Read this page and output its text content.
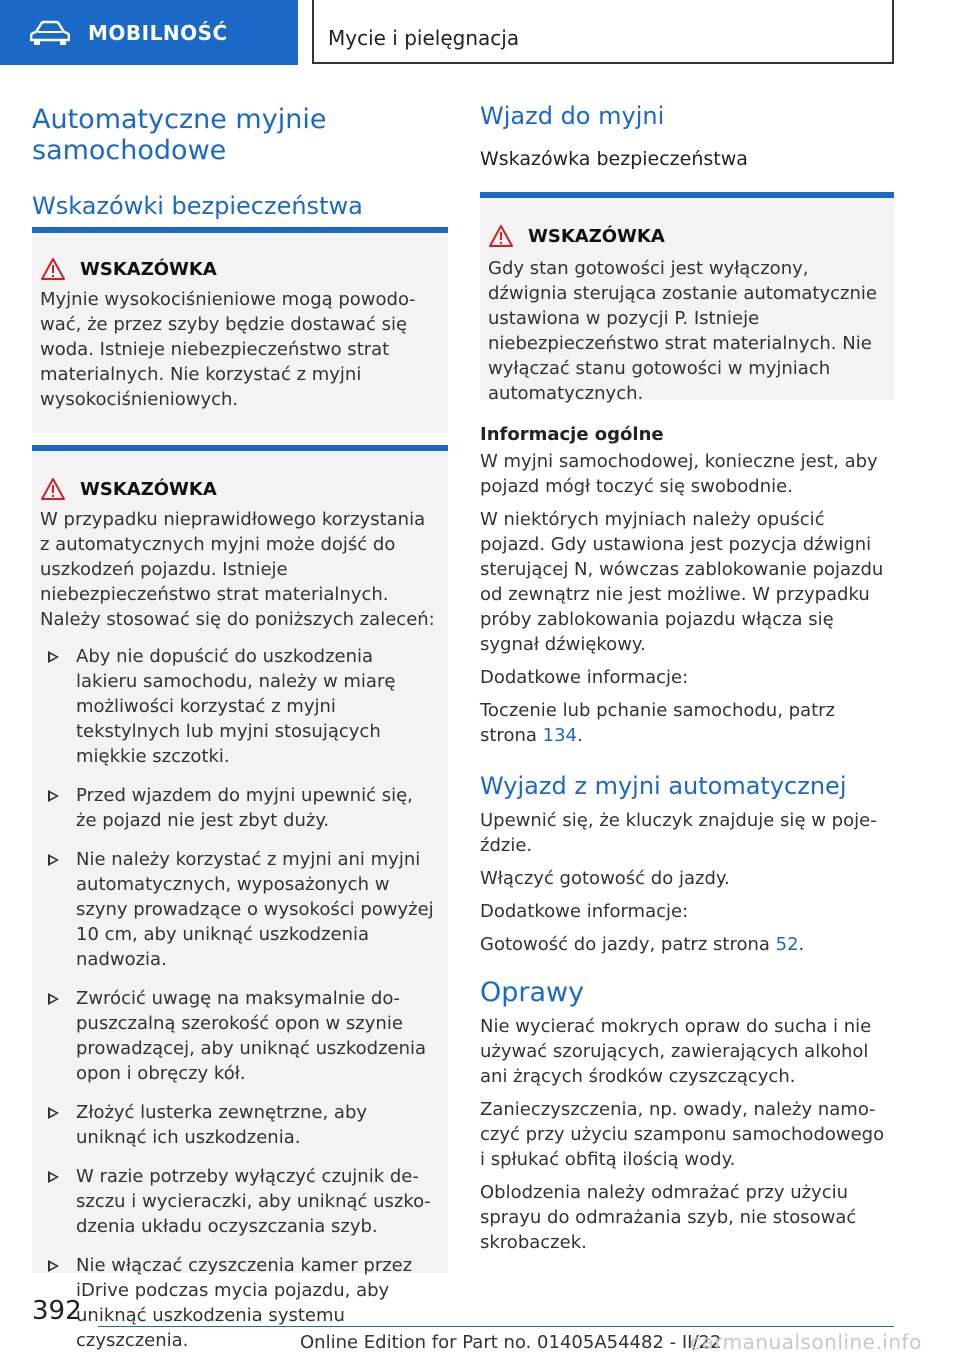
MOBILNOŚĆ	Mycie i pielęgnacja
Automatyczne myjnie samochodowe
Wskazówki bezpieczeństwa
WSKAZÓWKA
Myjnie wysokociśnieniowe mogą powodować, że przez szyby będzie dostawać się woda. Istnieje niebezpieczeństwo strat materialnych. Nie korzystać z myjni wysokociśnieniowych.
WSKAZÓWKA
W przypadku nieprawidłowego korzystania z automatycznych myjni może dojść do uszkodzeń pojazdu. Istnieje niebezpieczeństwo strat materialnych. Należy stosować się do poniższych zaleceń:
Aby nie dopuścić do uszkodzenia lakieru samochodu, należy w miarę możliwości korzystać z myjni tekstylnych lub myjni stosujących miękkie szczotki.
Przed wjazdem do myjni upewnić się, że pojazd nie jest zbyt duży.
Nie należy korzystać z myjni ani myjni automatycznych, wyposażonych w szyny prowadzące o wysokości powyżej 10 cm, aby uniknąć uszkodzenia nadwozia.
Zwrócić uwagę na maksymalnie dopuszczalną szerokość opon w szynie prowadzącej, aby uniknąć uszkodzenia opon i obręczy kół.
Złożyć lusterka zewnętrzne, aby uniknąć ich uszkodzenia.
W razie potrzeby wyłączyć czujnik deszczu i wycieraczki, aby uniknąć uszkodzenia układu oczyszczania szyb.
Nie włączać czyszczenia kamer przez iDrive podczas mycia pojazdu, aby uniknąć uszkodzenia systemu czyszczenia.
Wjazd do myjni
Wskazówka bezpieczeństwa
WSKAZÓWKA
Gdy stan gotowości jest wyłączony, dźwignia sterująca zostanie automatycznie ustawiona w pozycji P. Istnieje niebezpieczeństwo strat materialnych. Nie wyłączać stanu gotowości w myjniach automatycznych.

Informacje ogólne

W myjni samochodowej, konieczne jest, aby pojazd mógł toczyć się swobodnie.

W niektórych myjniach należy opuścić pojazd. Gdy ustawiona jest pozycja dźwigni sterującej N, wówczas zablokowanie pojazdu od zewnątrz nie jest możliwe. W przypadku próby zablokowania pojazdu włącza się sygnał dźwiękowy.

Dodatkowe informacje:

Toczenie lub pchanie samochodu, patrz strona 134.

Wyjazd z myjni automatycznej

Upewnić się, że kluczyk znajduje się w pojeździe.

Włączyć gotowość do jazdy.

Dodatkowe informacje:

Gotowość do jazdy, patrz strona 52.

Oprawy

Nie wycierać mokrych opraw do sucha i nie używać szorujących, zawierających alkohol ani żrących środków czyszczących.

Zanieczyszczenia, np. owady, należy namoczyć przy użyciu szamponu samochodowego i spłukać obfitą ilością wody.

Oblodzenia należy odmrażać przy użyciu sprayu do odmrażania szyb, nie stosować skrobaczek.

392
Online Edition for Part no. 01405A54482 - II/22
carmanualsonline.info
